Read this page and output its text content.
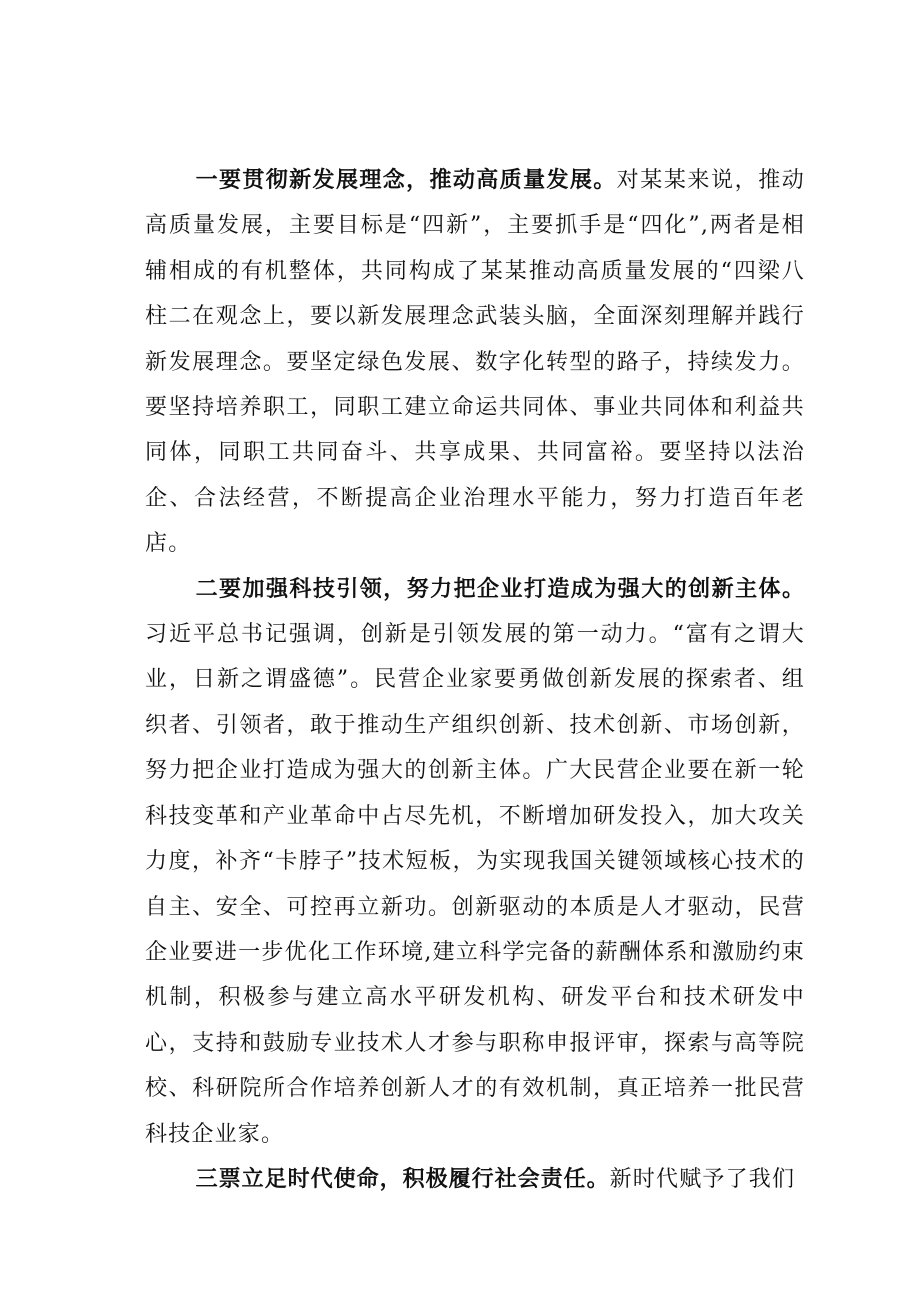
一要贯彻新发展理念，推动高质量发展。对某某来说，推动高质量发展，主要目标是“四新”，主要抓手是“四化”,两者是相辅相成的有机整体，共同构成了某某推动高质量发展的“四梁八柱二在观念上，要以新发展理念武装头脑，全面深刻理解并践行新发展理念。要坚定绿色发展、数字化转型的路子，持续发力。要坚持培养职工，同职工建立命运共同体、事业共同体和利益共同体，同职工共同奋斗、共享成果、共同富裕。要坚持以法治企、合法经营，不断提高企业治理水平能力，努力打造百年老店。

二要加强科技引领，努力把企业打造成为强大的创新主体。习近平总书记强调，创新是引领发展的第一动力。“富有之谓大业，日新之谓盛德”。民营企业家要勇做创新发展的探索者、组织者、引领者，敢于推动生产组织创新、技术创新、市场创新，努力把企业打造成为强大的创新主体。广大民营企业要在新一轮科技变革和产业革命中占尽先机，不断增加研发投入，加大攻关力度，补齐“卡脖子”技术短板，为实现我国关键领域核心技术的自主、安全、可控再立新功。创新驱动的本质是人才驱动，民营企业要进一步优化工作环境,建立科学完备的薪酬体系和激励约束机制，积极参与建立高水平研发机构、研发平台和技术研发中心，支持和鼓励专业技术人才参与职称申报评审，探索与高等院校、科研院所合作培养创新人才的有效机制，真正培养一批民营科技企业家。

三票立足时代使命，积极履行社会责任。新时代赋予了我们
